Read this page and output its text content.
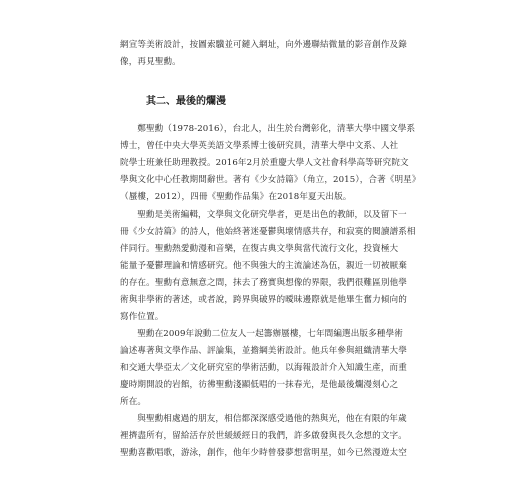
網宣等美術設計，按圖索驥並可鏈入網址，向外邊聯結微量的影音創作及錄
像，再見聖勳。

其二、最後的爛漫

鄭聖勳（1978-2016），台北人，出生於台灣彰化，清華大學中國文學系
博士，曾任中央大學英美語文學系博士後研究員，清華大學中文系、人社
院學士班兼任助理教授。2016年2月於重慶大學人文社會科學高等研究院文
學與文化中心任教期間辭世。著有《少女詩篇》（角立，2015），合著《明星》
（蜃樓，2012），四冊《聖勳作品集》在2018年夏天出版。

聖勳是美術編輯，文學與文化研究學者，更是出色的教師，以及留下一
冊《少女詩篇》的詩人，他始終著迷憂鬱與壞情感共存，和寂寞的閱讀譜系相
伴同行。聖勳熱愛動漫和音樂，在復古典文學與當代流行文化，投資極大
能量予憂鬱理論和情感研究。他不與強大的主流論述為伍，親近一切被厭棄
的存在。聖勳有意無意之間，抹去了務實與想像的界限，我們很難區別他學
術與非學術的著述，或者說，跨界與破界的曖昧邊際就是他畢生奮力傾向的
寫作位置。

聖勳在2009年說動二位友人一起籌辦蜃樓，七年間編選出版多種學術
論述專著與文學作品、評論集，並擔綱美術設計。他兵年參與組織清華大學
和交通大學亞太／文化研究室的學術活動，以海報設計介入知識生產，而重
慶時期開設的岩館，彷彿聖勳淺顯低唱的一抹春光，是他最後爛漫刻心之
所在。

與聖勳相處過的朋友，相信都深深感受過他的熱與光，他在有限的年歲
裡擠盡所有，留給活存於世緩緩經日的我們，許多啟發與長久念想的文字。
聖勳喜歡唱歌，游泳，創作，他年少時曾發夢想當明星，如今已然漫遊太空
